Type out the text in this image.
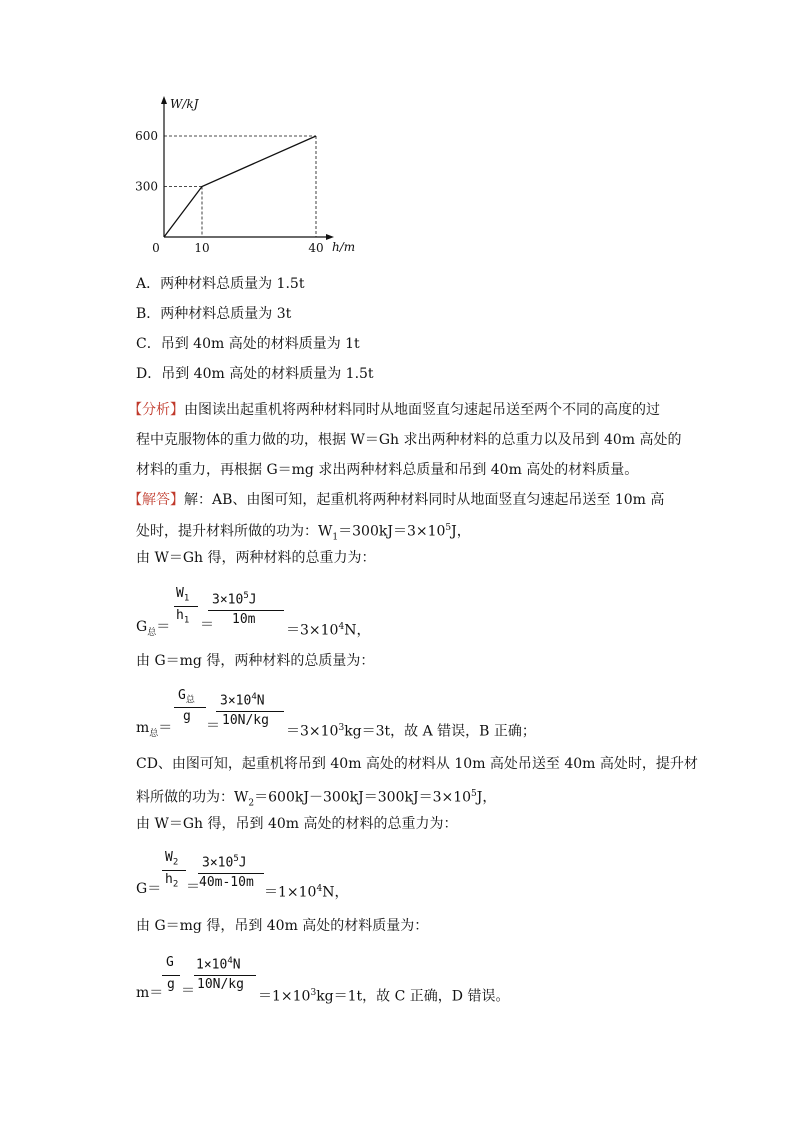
10	40
300
600
0
W/kJ
h/m
A．两种材料总质量为 1.5t
B．两种材料总质量为 3t
C．吊到 40m 高处的材料质量为 1t
D．吊到 40m 高处的材料质量为 1.5t
【分析】由图读出起重机将两种材料同时从地面竖直匀速起吊送至两个不同的高度的过
程中克服物体的重力做的功，根据 W＝Gh 求出两种材料的总重力以及吊到 40m 高处的
材料的重力，再根据 G＝mg 求出两种材料总质量和吊到 40m 高处的材料质量。
【解答】解：AB、由图可知，起重机将两种材料同时从地面竖直匀速起吊送至 10m 高
处时，提升材料所做的功为：$W_1=300kJ=3\times 10^5J$，
由 W＝Gh 得，两种材料的总重力为：
$G_总=$
$W_1$
$h_1$ ＝
$3\times 10^5J$
10m
$=3\times 10^4N$，
由 G＝mg 得，两种材料的总质量为：
$m_总=$
$G_总$
g
＝
$3\times 10^4N$
10N/kg
$=3\times 10^3kg=3t$，故 A 错误，B 正确；
CD、由图可知，起重机将吊到 40m 高处的材料从 10m 高处吊送至 40m 高处时，提升材
料所做的功为：$W_2=600kJ-300kJ=300kJ=3\times 10^5J$，
由 W＝Gh 得，吊到 40m 高处的材料的总重力为：
G＝
$W_2$
$h_2$ ＝
$3\times 10^5J$
40m-10m
$=1\times 10^4N$，
由 G＝mg 得，吊到 40m 高处的材料质量为：
m＝
G
g ＝
$1\times 10^4N$
10N/kg
$=1\times 10^3kg=1t$，故 C 正确，D 错误。
